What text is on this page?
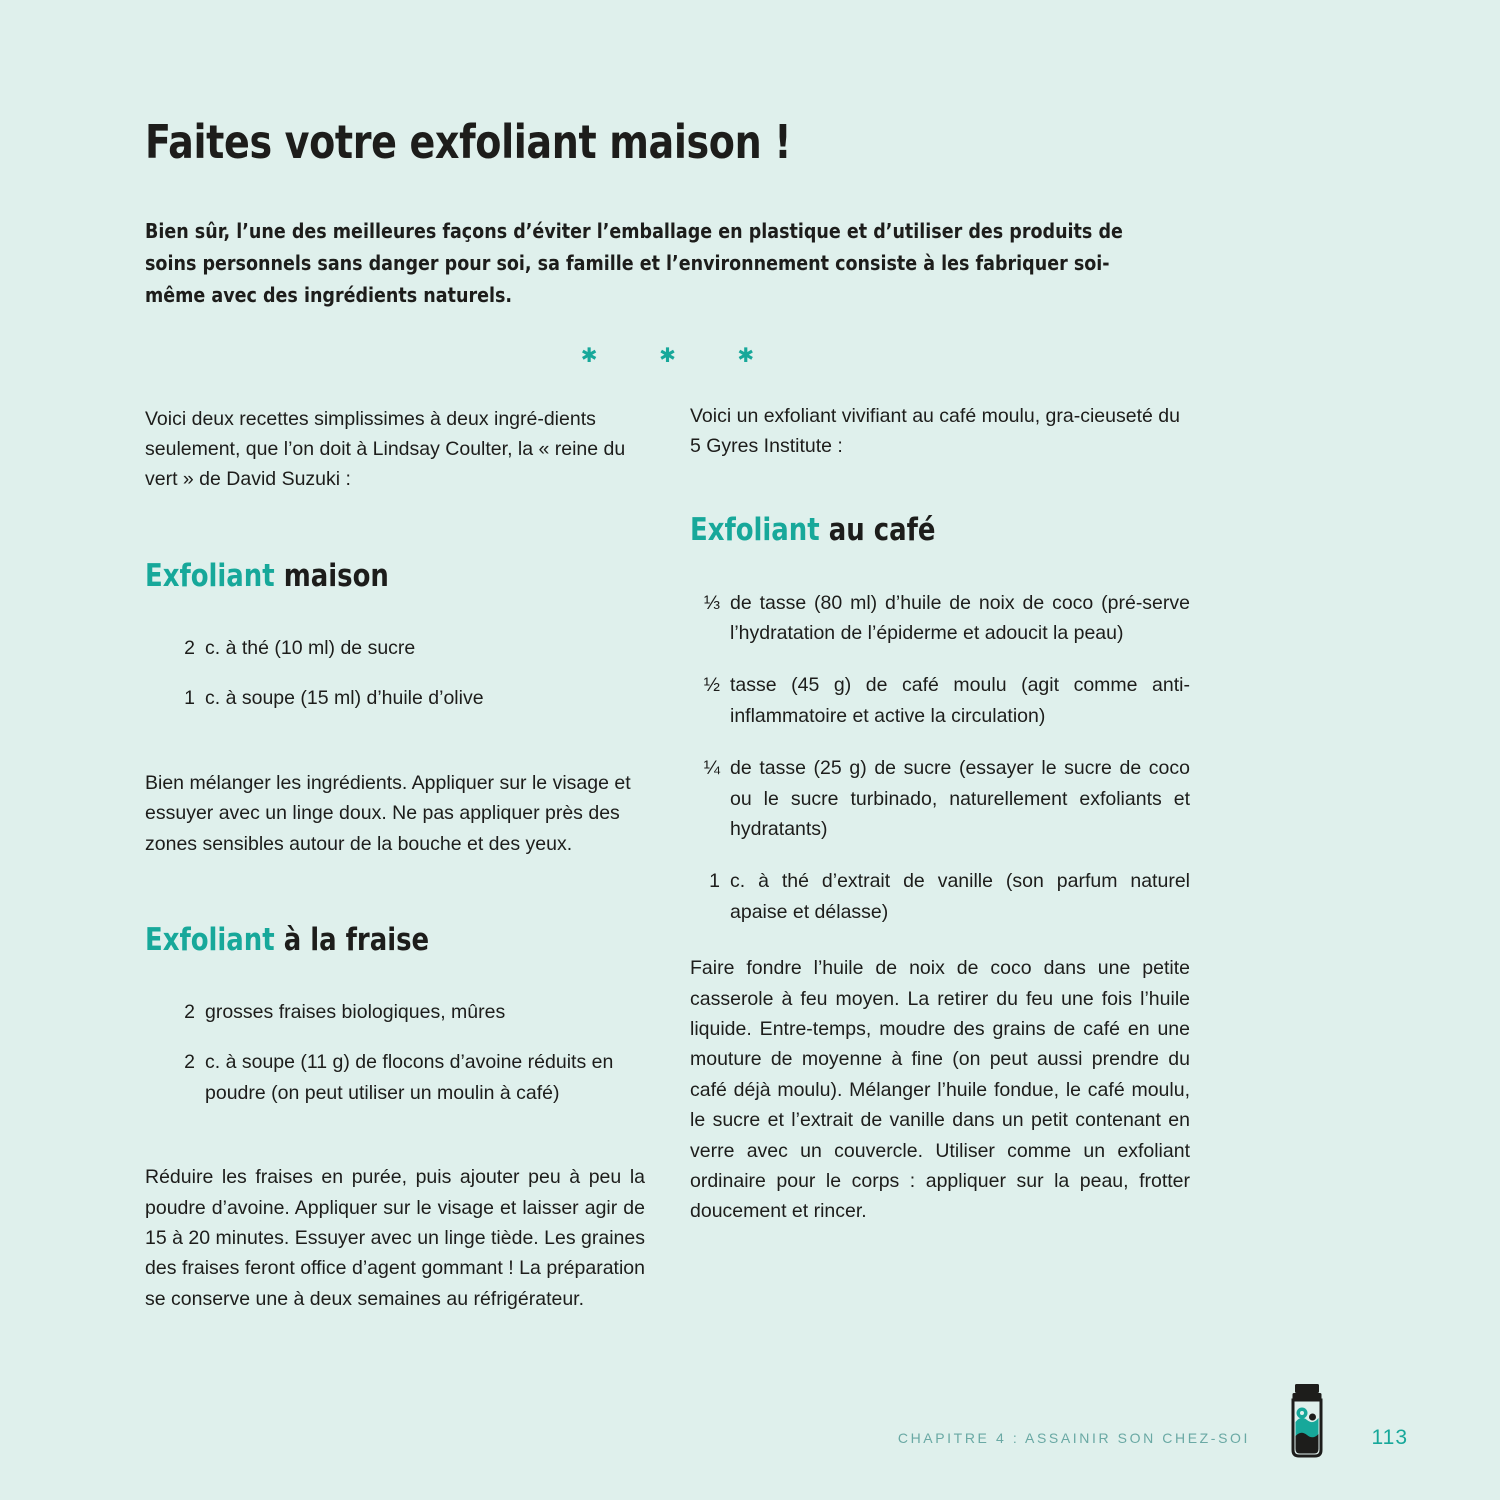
Faites votre exfoliant maison !

Bien sûr, l’une des meilleures façons d’éviter l’emballage en plastique et d’utiliser des produits de soins personnels sans danger pour soi, sa famille et l’environnement consiste à les fabriquer soi-même avec des ingrédients naturels.

✱ ✱ ✱

Voici deux recettes simplissimes à deux ingré-dients seulement, que l’on doit à Lindsay Coulter, la « reine du vert » de David Suzuki :

Exfoliant maison
2 c. à thé (10 ml) de sucre
1 c. à soupe (15 ml) d’huile d’olive

Bien mélanger les ingrédients. Appliquer sur le visage et essuyer avec un linge doux. Ne pas appliquer près des zones sensibles autour de la bouche et des yeux.

Exfoliant à la fraise
2 grosses fraises biologiques, mûres
2 c. à soupe (11 g) de flocons d’avoine réduits en poudre (on peut utiliser un moulin à café)

Réduire les fraises en purée, puis ajouter peu à peu la poudre d’avoine. Appliquer sur le visage et laisser agir de 15 à 20 minutes. Essuyer avec un linge tiède. Les graines des fraises feront office d’agent gommant ! La préparation se conserve une à deux semaines au réfrigérateur.

Voici un exfoliant vivifiant au café moulu, gra-cieuseté du 5 Gyres Institute :

Exfoliant au café
⅓ de tasse (80 ml) d’huile de noix de coco (pré-serve l’hydratation de l’épiderme et adoucit la peau)
½ tasse (45 g) de café moulu (agit comme anti-inflammatoire et active la circulation)
¼ de tasse (25 g) de sucre (essayer le sucre de coco ou le sucre turbinado, naturellement exfoliants et hydratants)
1 c. à thé d’extrait de vanille (son parfum naturel apaise et délasse)

Faire fondre l’huile de noix de coco dans une petite casserole à feu moyen. La retirer du feu une fois l’huile liquide. Entre-temps, moudre des grains de café en une mouture de moyenne à fine (on peut aussi prendre du café déjà moulu). Mélanger l’huile fondue, le café moulu, le sucre et l’extrait de vanille dans un petit contenant en verre avec un couvercle. Utiliser comme un exfoliant ordinaire pour le corps : appliquer sur la peau, frotter doucement et rincer.

CHAPITRE 4 : ASSAINIR SON CHEZ-SOI	113
